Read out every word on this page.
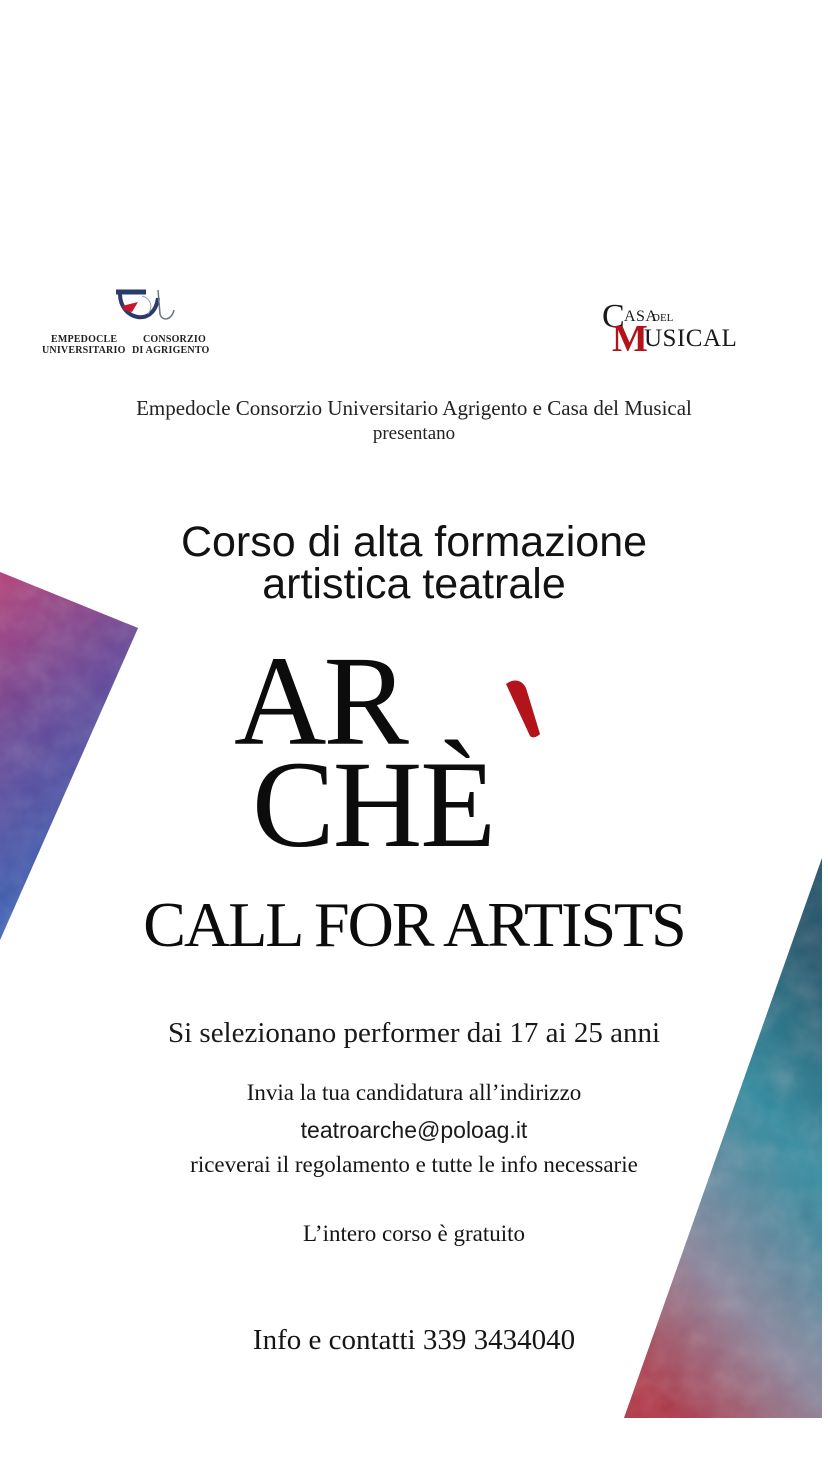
EMPEDOCLE	CONSORZIO
UNIVERSITARIO DI AGRIGENTO
C
M
ASA
DEL
USICAL
Empedocle Consorzio Universitario Agrigento e Casa del Musical
presentano
Corso di alta formazione
artistica teatrale
AR
CHÈ
CALL FOR ARTISTS
Si selezionano performer dai 17 ai 25 anni
Invia la tua candidatura all’indirizzo
teatroarche@poloag.it
riceverai il regolamento e tutte le info necessarie
L’intero corso è gratuito
Info e contatti 339 3434040
